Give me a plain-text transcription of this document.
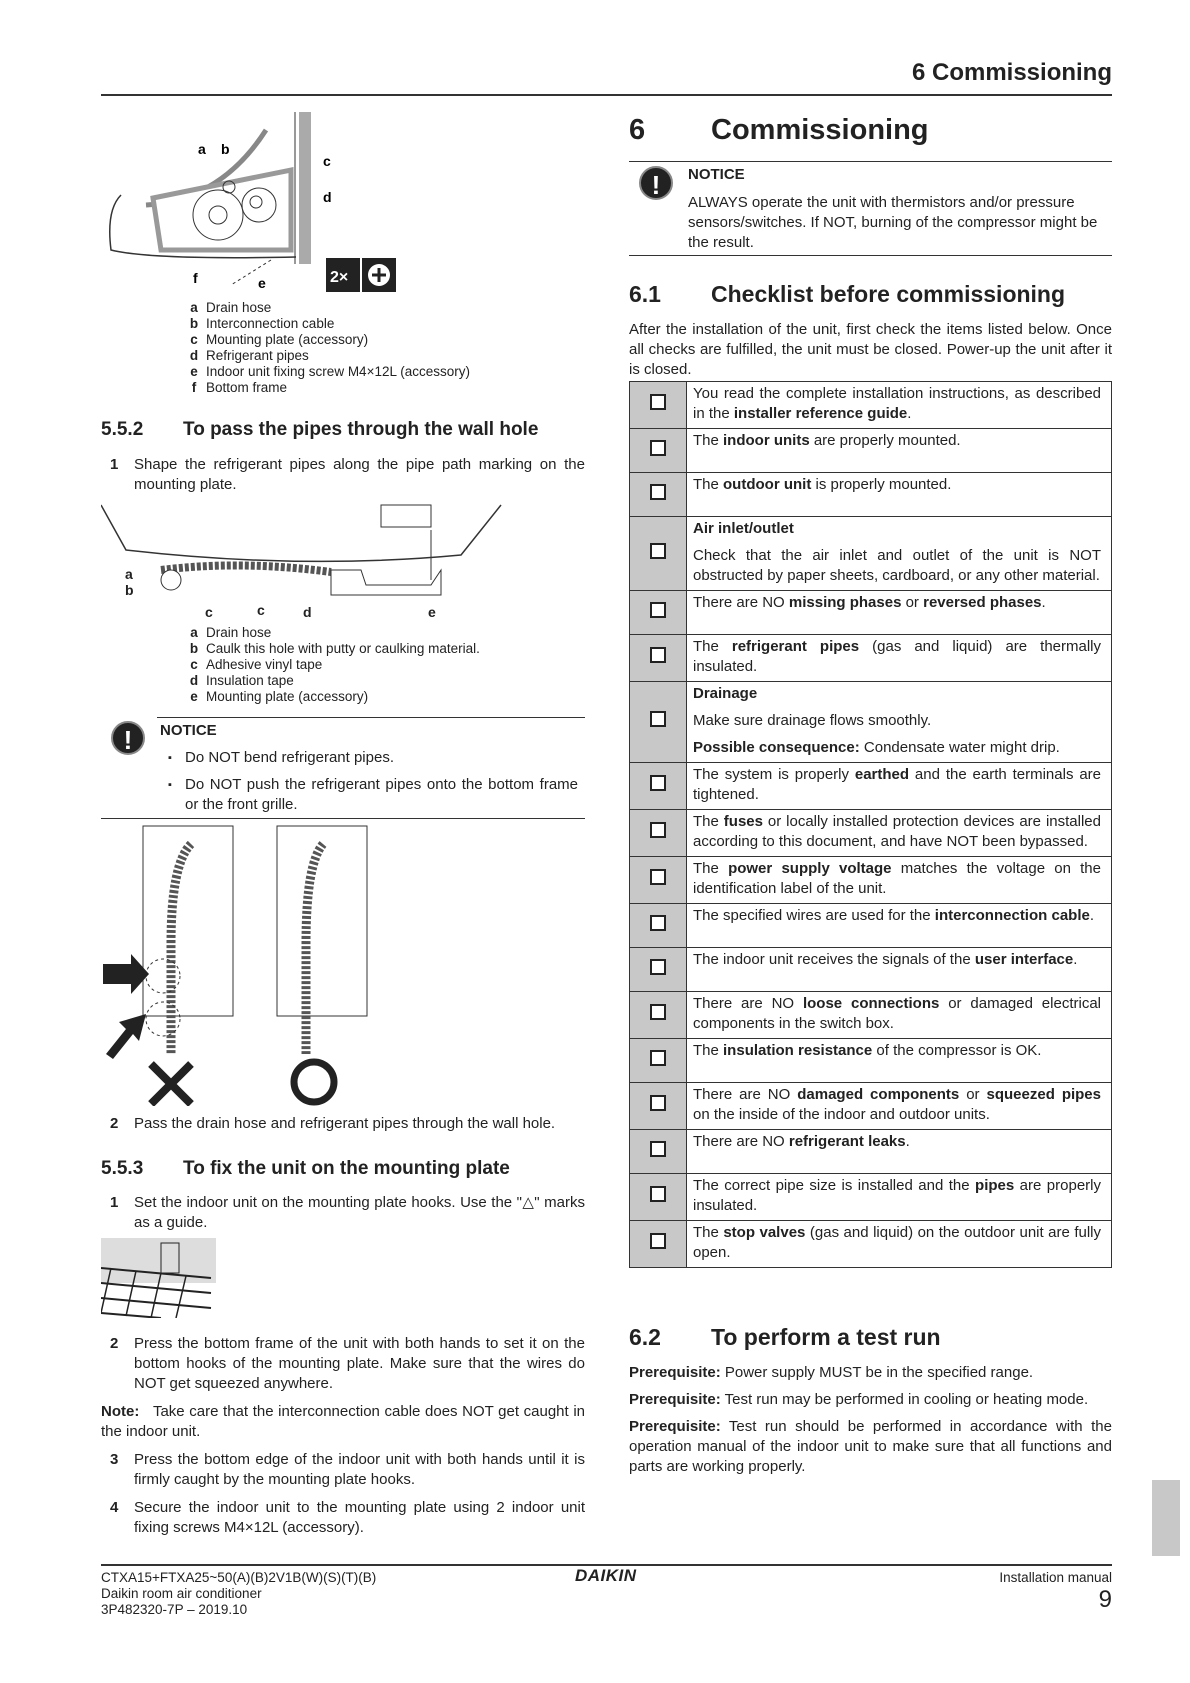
6 Commissioning
a b
c
d
e
f	2×
a Drain hose
b Interconnection cable
c Mounting plate (accessory)
d Refrigerant pipes
e Indoor unit fixing screw M4×12L (accessory)
f Bottom frame
5.5.2 To pass the pipes through the wall hole
1	Shape the refrigerant pipes along the pipe path marking on the mounting plate.
a
b
c	c	d	e
a Drain hose
b Caulk this hole with putty or caulking material.
c Adhesive vinyl tape
d Insulation tape
e Mounting plate (accessory)
!	NOTICE
▪ Do NOT bend refrigerant pipes.
▪ Do NOT push the refrigerant pipes onto the bottom frame or the front grille.
2	Pass the drain hose and refrigerant pipes through the wall hole.
5.5.3 To fix the unit on the mounting plate
1	Set the indoor unit on the mounting plate hooks. Use the "△" marks as a guide.
2	Press the bottom frame of the unit with both hands to set it on the bottom hooks of the mounting plate. Make sure that the wires do NOT get squeezed anywhere.
Note: Take care that the interconnection cable does NOT get caught in the indoor unit.
3	Press the bottom edge of the indoor unit with both hands until it is firmly caught by the mounting plate hooks.
4	Secure the indoor unit to the mounting plate using 2 indoor unit fixing screws M4×12L (accessory).
6 Commissioning
!	NOTICE
ALWAYS operate the unit with thermistors and/or pressure sensors/switches. If NOT, burning of the compressor might be the result.
6.1 Checklist before commissioning
After the installation of the unit, first check the items listed below. Once all checks are fulfilled, the unit must be closed. Power-up the unit after it is closed.

	You read the complete installation instructions, as described in the installer reference guide.

	The indoor units are properly mounted.

	The outdoor unit is properly mounted.

	Air inlet/outlet

Check that the air inlet and outlet of the unit is NOT obstructed by paper sheets, cardboard, or any other material.

	There are NO missing phases or reversed phases.

	The refrigerant pipes (gas and liquid) are thermally insulated.

	Drainage

Make sure drainage flows smoothly.

Possible consequence: Condensate water might drip.

	The system is properly earthed and the earth terminals are tightened.

	The fuses or locally installed protection devices are installed according to this document, and have NOT been bypassed.

	The power supply voltage matches the voltage on the identification label of the unit.

	The specified wires are used for the interconnection cable.

	The indoor unit receives the signals of the user interface.

	There are NO loose connections or damaged electrical components in the switch box.

	The insulation resistance of the compressor is OK.

	There are NO damaged components or squeezed pipes on the inside of the indoor and outdoor units.

	There are NO refrigerant leaks.

	The correct pipe size is installed and the pipes are properly insulated.

	The stop valves (gas and liquid) on the outdoor unit are fully open.

6.2 To perform a test run
Prerequisite: Power supply MUST be in the specified range.
Prerequisite: Test run may be performed in cooling or heating mode.
Prerequisite: Test run should be performed in accordance with the operation manual of the indoor unit to make sure that all functions and parts are working properly.
CTXA15+FTXA25~50(A)(B)2V1B(W)(S)(T)(B)
Daikin room air conditioner
3P482320-7P – 2019.10
DAIKIN	Installation manual
9
